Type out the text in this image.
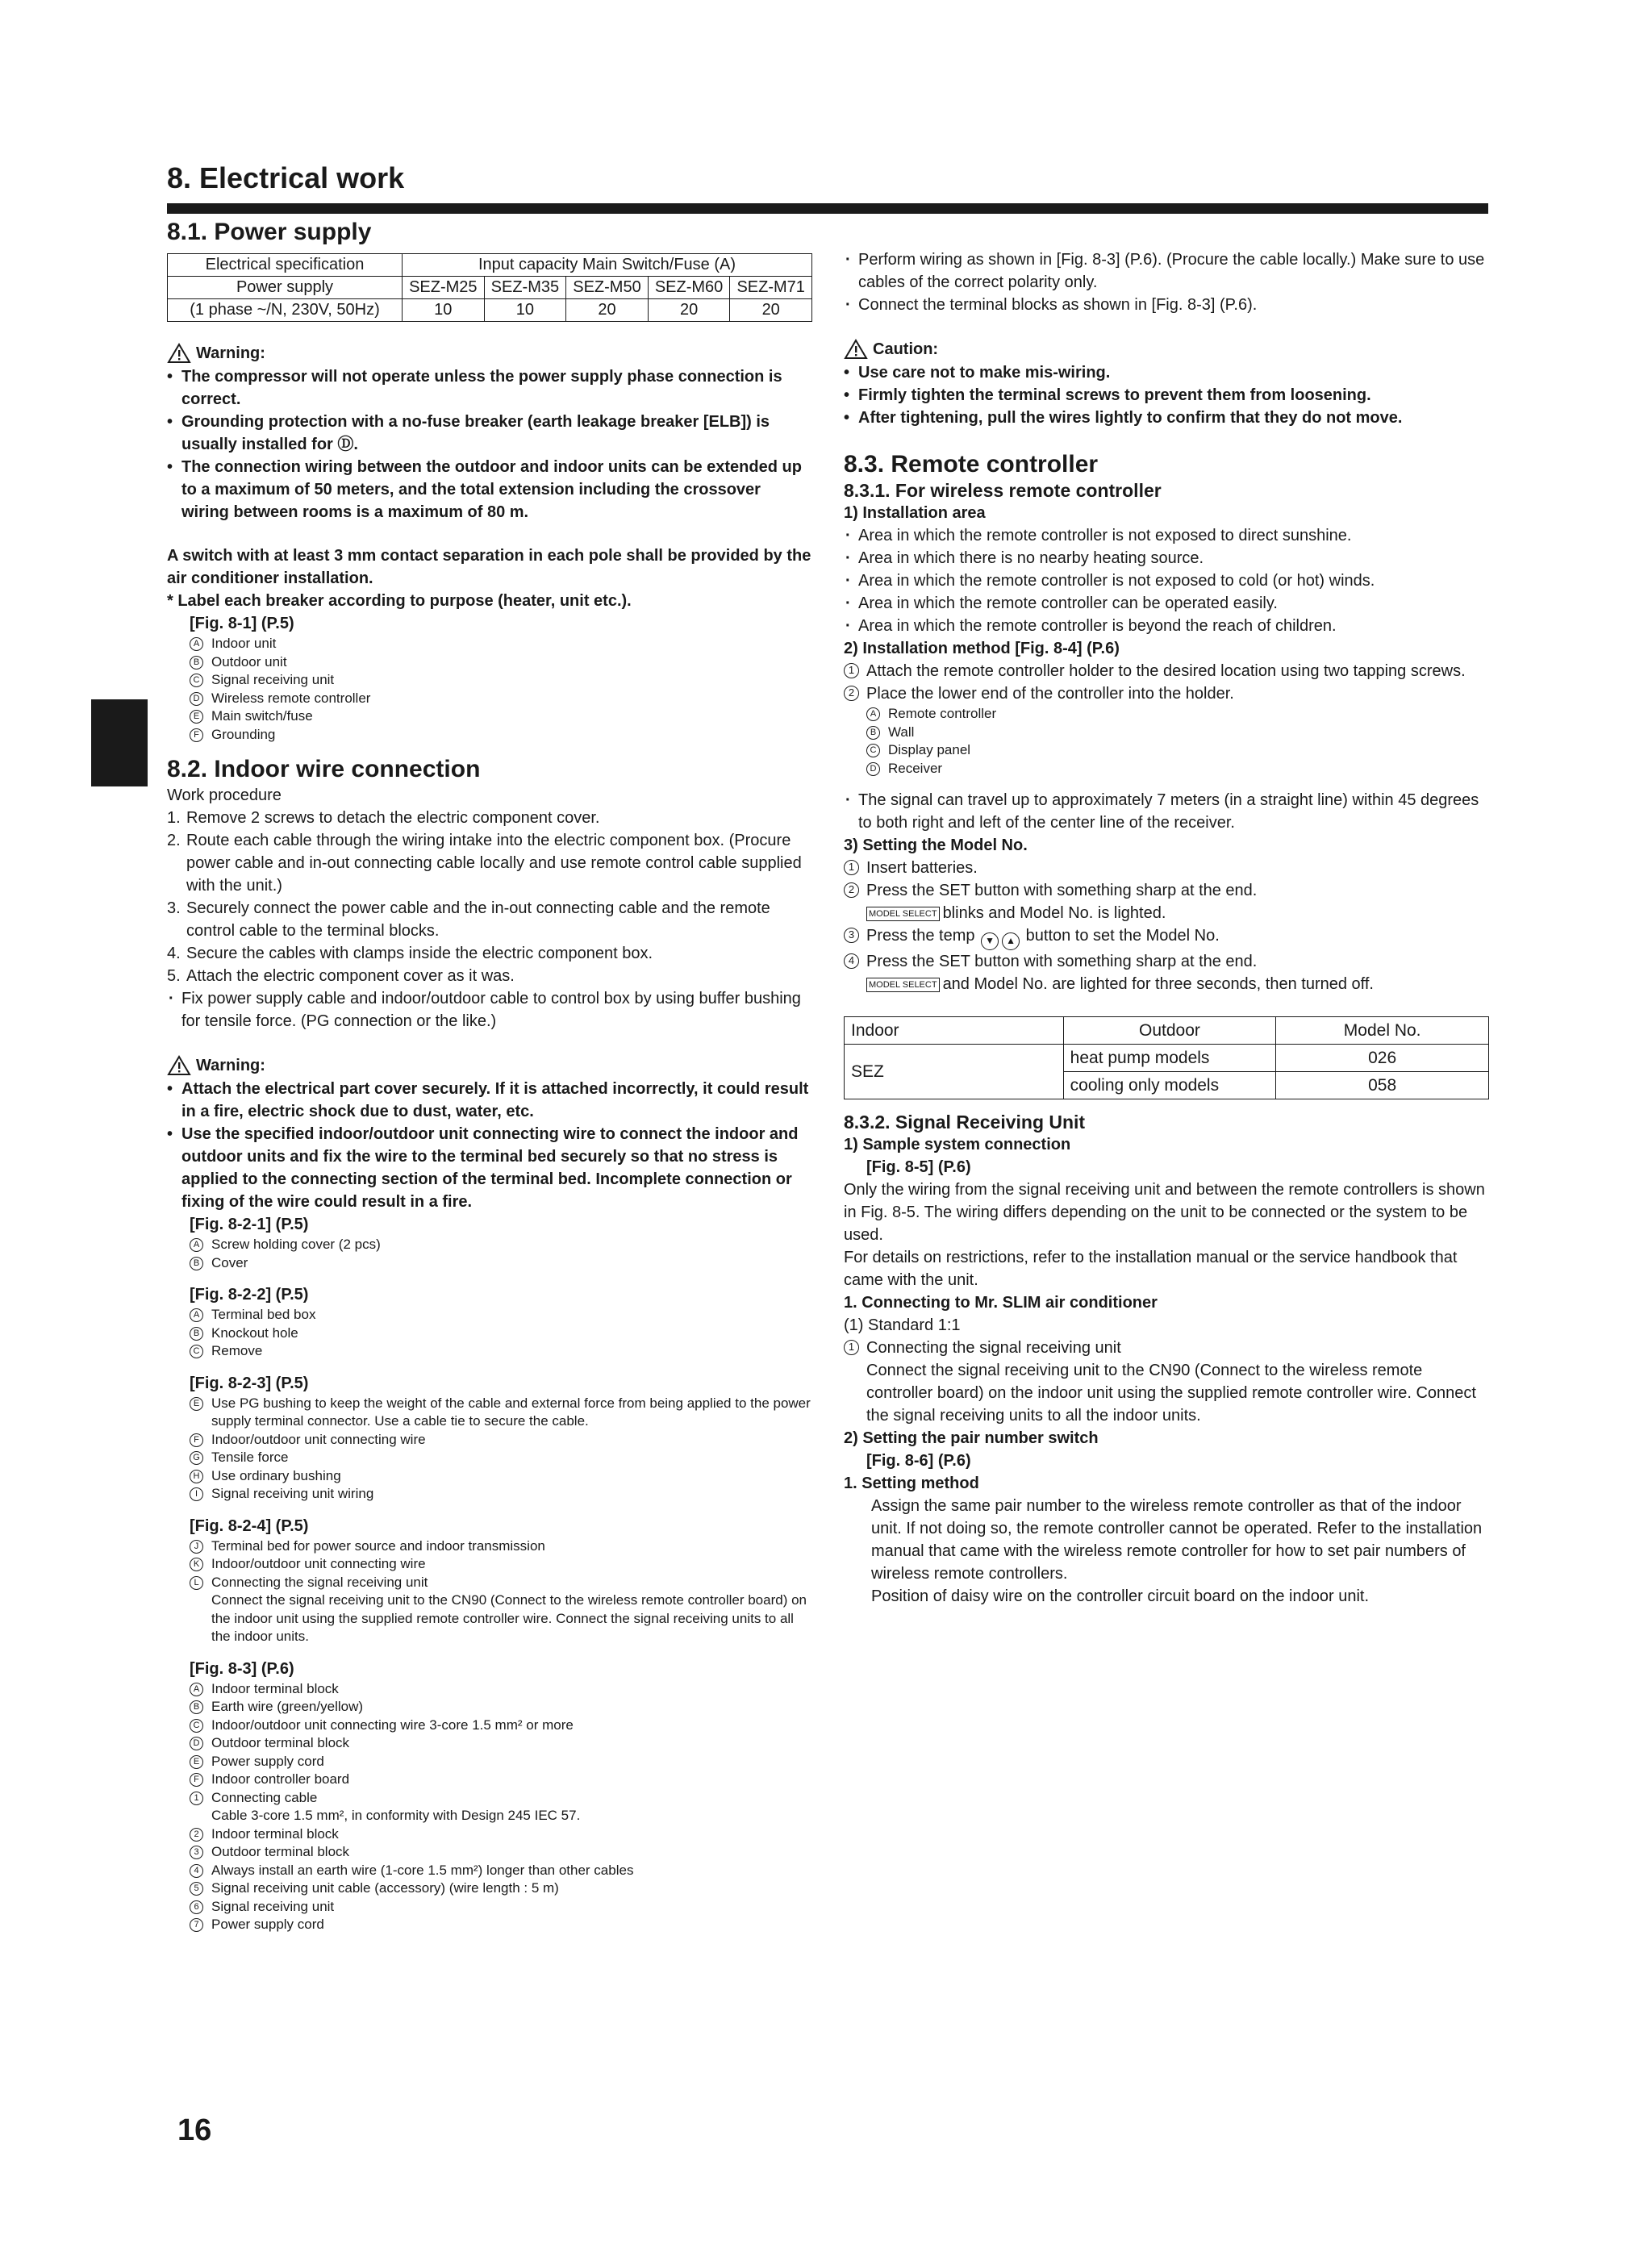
8. Electrical work
8.1. Power supply
Electrical specification	Input capacity Main Switch/Fuse (A)				
Power supply	SEZ-M25	SEZ-M35	SEZ-M50	SEZ-M60	SEZ-M71
(1 phase ~/N, 230V, 50Hz)	10	10	20	20	20
Warning:
• The compressor will not operate unless the power supply phase connection is correct.
• Grounding protection with a no-fuse breaker (earth leakage breaker [ELB]) is usually installed for Ⓓ.
• The connection wiring between the outdoor and indoor units can be extended up to a maximum of 50 meters, and the total extension including the crossover wiring between rooms is a maximum of 80 m.

A switch with at least 3 mm contact separation in each pole shall be provided by the air conditioner installation.

* Label each breaker according to purpose (heater, unit etc.).

[Fig. 8-1] (P.5)
A Indoor unit
B Outdoor unit
C Signal receiving unit
D Wireless remote controller
E Main switch/fuse
F Grounding
8.2. Indoor wire connection

Work procedure

1. Remove 2 screws to detach the electric component cover.
2. Route each cable through the wiring intake into the electric component box. (Procure power cable and in-out connecting cable locally and use remote control cable supplied with the unit.)
3. Securely connect the power cable and the in-out connecting cable and the remote control cable to the terminal blocks.
4. Secure the cables with clamps inside the electric component box.
5. Attach the electric component cover as it was.
· Fix power supply cable and indoor/outdoor cable to control box by using buffer bushing for tensile force. (PG connection or the like.)
Warning:
• Attach the electrical part cover securely. If it is attached incorrectly, it could result in a fire, electric shock due to dust, water, etc.
• Use the specified indoor/outdoor unit connecting wire to connect the indoor and outdoor units and fix the wire to the terminal bed securely so that no stress is applied to the connecting section of the terminal bed. Incomplete connection or fixing of the wire could result in a fire.
[Fig. 8-2-1] (P.5)
A Screw holding cover (2 pcs)
B Cover
[Fig. 8-2-2] (P.5)
A Terminal bed box
B Knockout hole
C Remove
[Fig. 8-2-3] (P.5)
E Use PG bushing to keep the weight of the cable and external force from being applied to the power supply terminal connector. Use a cable tie to secure the cable.
F Indoor/outdoor unit connecting wire
G Tensile force
H Use ordinary bushing
I Signal receiving unit wiring
[Fig. 8-2-4] (P.5)
J Terminal bed for power source and indoor transmission
K Indoor/outdoor unit connecting wire
L Connecting the signal receiving unit
Connect the signal receiving unit to the CN90 (Connect to the wireless remote controller board) on the indoor unit using the supplied remote controller wire. Connect the signal receiving units to all the indoor units.
[Fig. 8-3] (P.6)
A Indoor terminal block
B Earth wire (green/yellow)
C Indoor/outdoor unit connecting wire 3-core 1.5 mm² or more
D Outdoor terminal block
E Power supply cord
F Indoor controller board
1 Connecting cable
Cable 3-core 1.5 mm², in conformity with Design 245 IEC 57.
2 Indoor terminal block
3 Outdoor terminal block
4 Always install an earth wire (1-core 1.5 mm²) longer than other cables
5 Signal receiving unit cable (accessory) (wire length : 5 m)
6 Signal receiving unit
7 Power supply cord
· Perform wiring as shown in [Fig. 8-3] (P.6). (Procure the cable locally.) Make sure to use cables of the correct polarity only.
· Connect the terminal blocks as shown in [Fig. 8-3] (P.6).
Caution:
• Use care not to make mis-wiring.
• Firmly tighten the terminal screws to prevent them from loosening.
• After tightening, pull the wires lightly to confirm that they do not move.
8.3. Remote controller
8.3.1. For wireless remote controller

1) Installation area

· Area in which the remote controller is not exposed to direct sunshine.
· Area in which there is no nearby heating source.
· Area in which the remote controller is not exposed to cold (or hot) winds.
· Area in which the remote controller can be operated easily.
· Area in which the remote controller is beyond the reach of children.

2) Installation method [Fig. 8-4] (P.6)

1 Attach the remote controller holder to the desired location using two tapping screws.
2 Place the lower end of the controller into the holder.
A Remote controller
B Wall
C Display panel
D Receiver
· The signal can travel up to approximately 7 meters (in a straight line) within 45 degrees to both right and left of the center line of the receiver.

3) Setting the Model No.

1 Insert batteries.
2 Press the SET button with something sharp at the end.
MODEL SELECT blinks and Model No. is lighted.
3 Press the temp ▼ ▲ button to set the Model No.
4 Press the SET button with something sharp at the end.
MODEL SELECT and Model No. are lighted for three seconds, then turned off.
Indoor	Outdoor	Model No.
SEZ	heat pump models	026
	cooling only models	058
8.3.2. Signal Receiving Unit

1) Sample system connection

[Fig. 8-5] (P.6)

Only the wiring from the signal receiving unit and between the remote controllers is shown in Fig. 8-5. The wiring differs depending on the unit to be connected or the system to be used.

For details on restrictions, refer to the installation manual or the service handbook that came with the unit.

1. Connecting to Mr. SLIM air conditioner

(1) Standard 1:1

1 Connecting the signal receiving unit
Connect the signal receiving unit to the CN90 (Connect to the wireless remote controller board) on the indoor unit using the supplied remote controller wire. Connect the signal receiving units to all the indoor units.

2) Setting the pair number switch

[Fig. 8-6] (P.6)

1. Setting method

Assign the same pair number to the wireless remote controller as that of the indoor unit. If not doing so, the remote controller cannot be operated. Refer to the installation manual that came with the wireless remote controller for how to set pair numbers of wireless remote controllers.

Position of daisy wire on the controller circuit board on the indoor unit.

16
